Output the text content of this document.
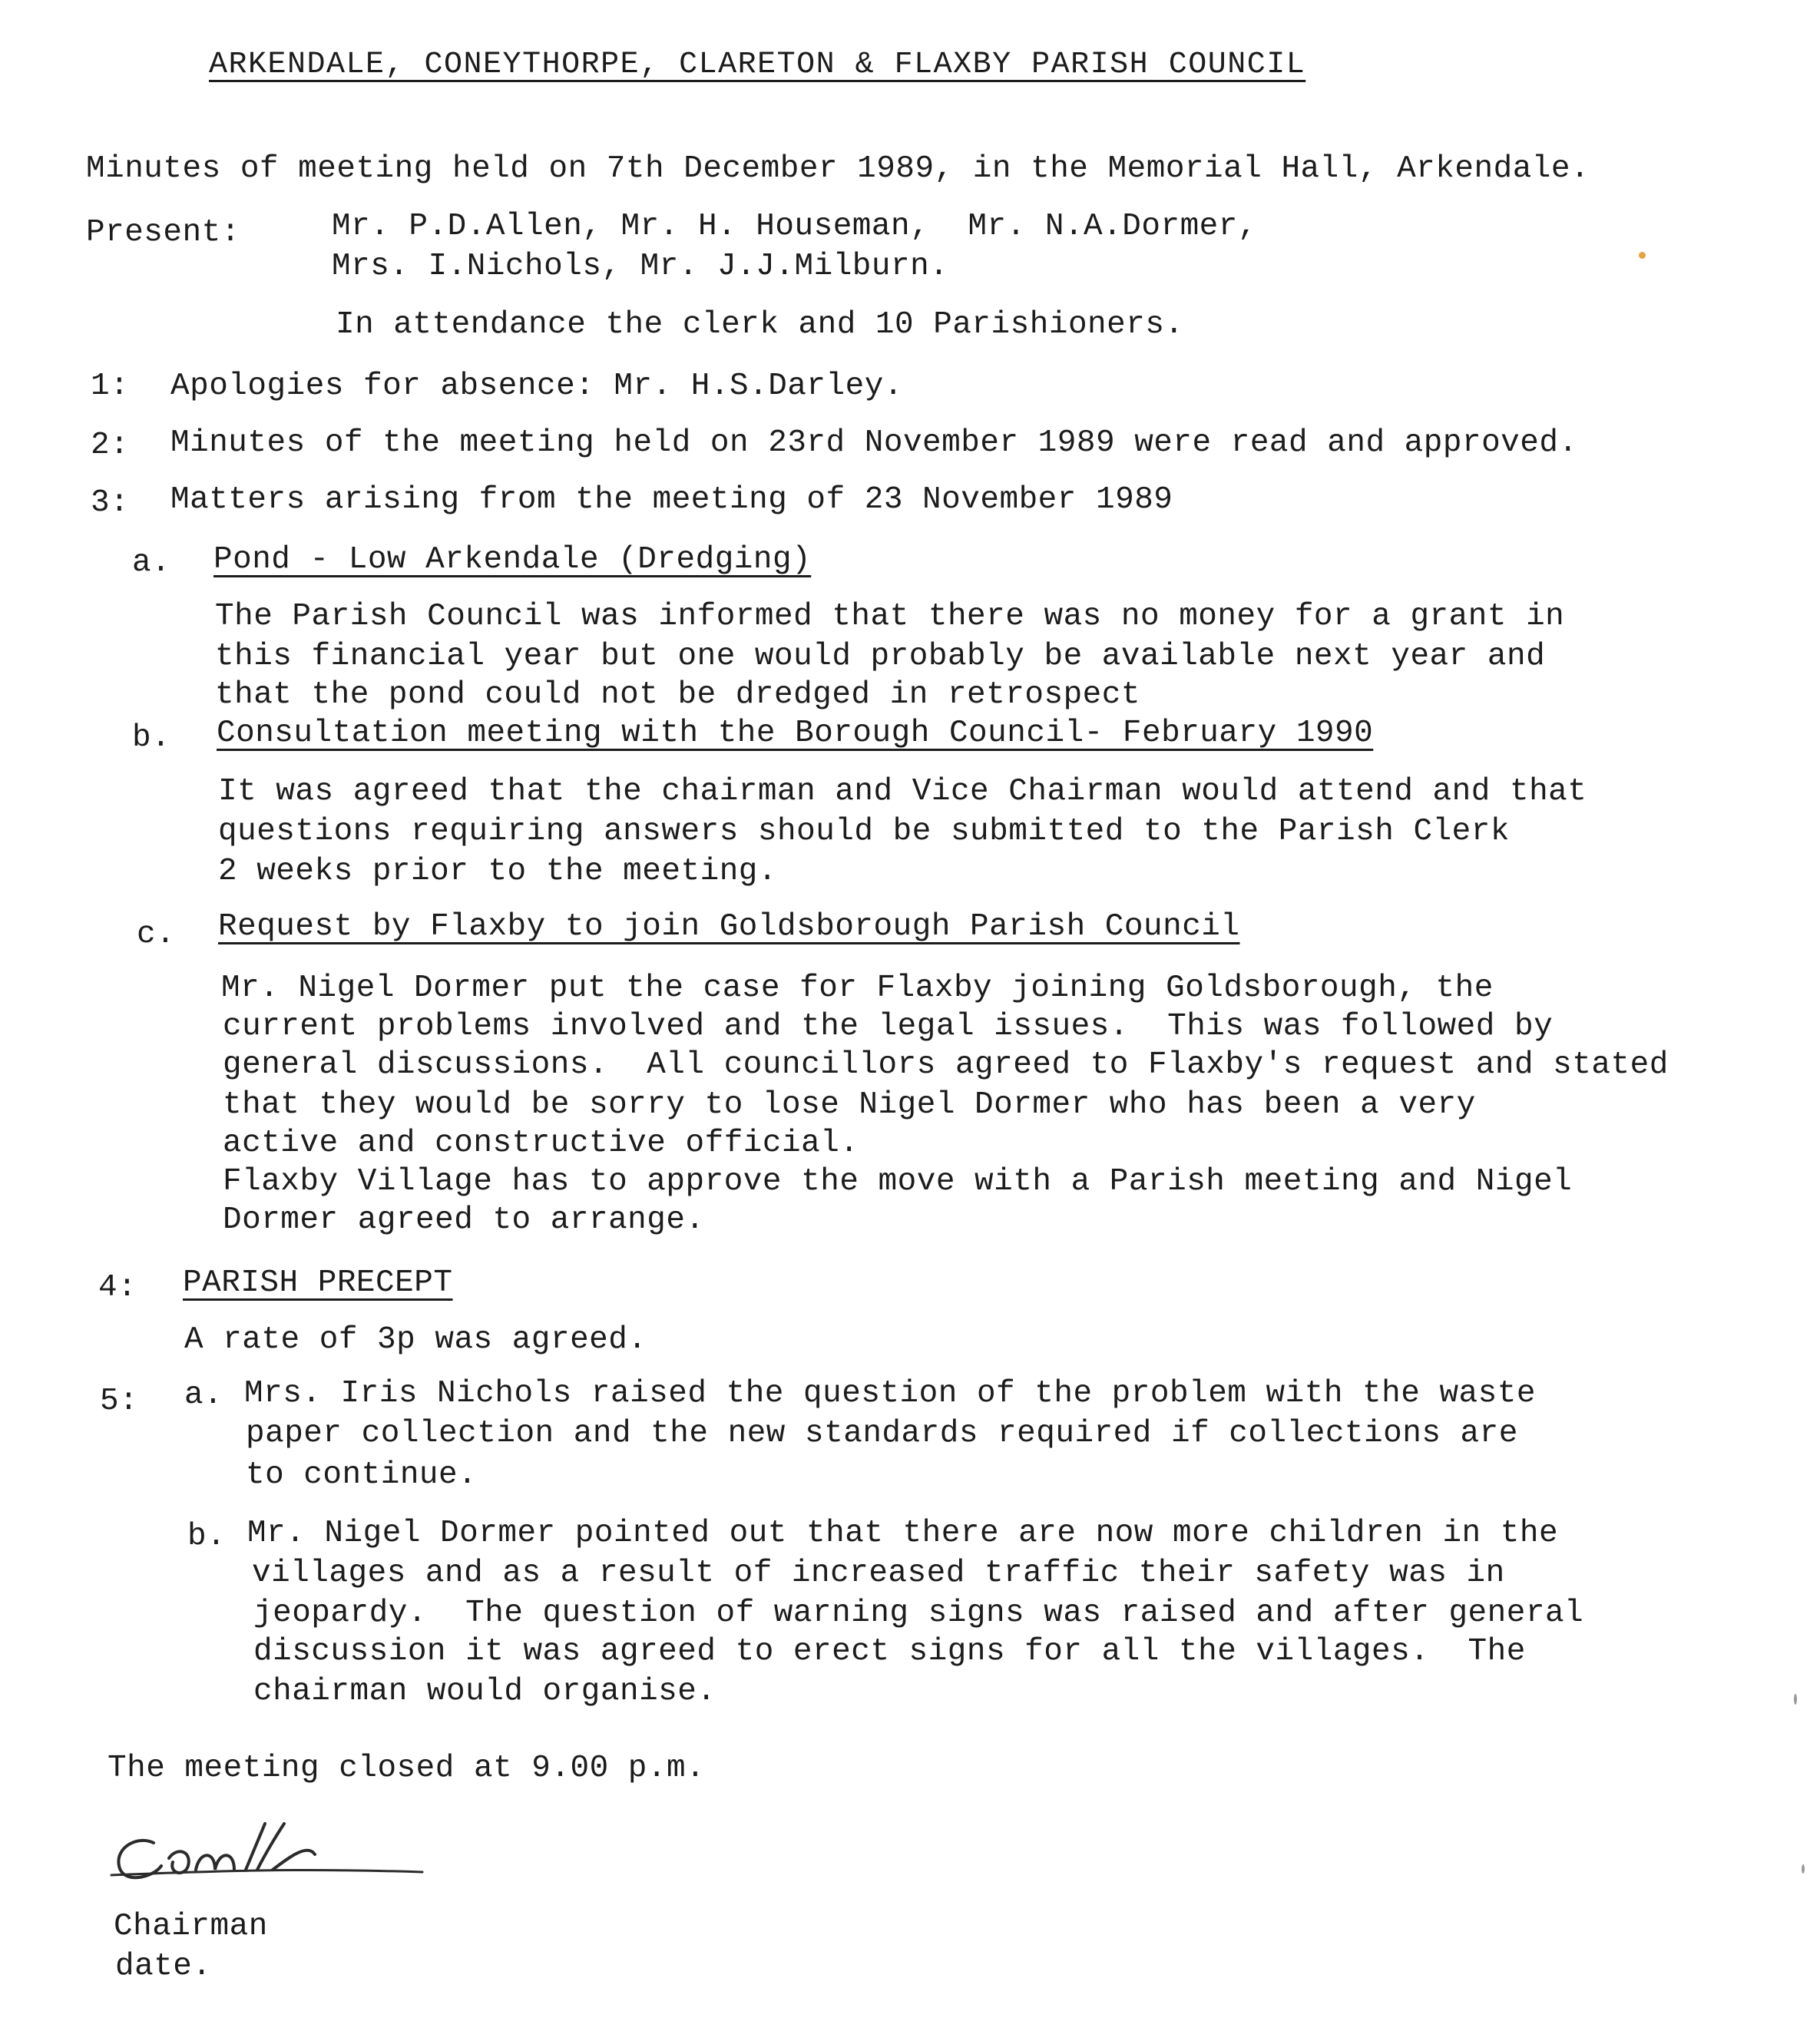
ARKENDALE, CONEYTHORPE, CLARETON & FLAXBY PARISH COUNCIL
Minutes of meeting held on 7th December 1989, in the Memorial Hall, Arkendale.
Present:	Mr. P.D.Allen, Mr. H. Houseman,  Mr. N.A.Dormer,
Mrs. I.Nichols, Mr. J.J.Milburn.
In attendance the clerk and 10 Parishioners.
1: Apologies for absence: Mr. H.S.Darley.
2: Minutes of the meeting held on 23rd November 1989 were read and approved.
3: Matters arising from the meeting of 23 November 1989
a. Pond - Low Arkendale (Dredging)
The Parish Council was informed that there was no money for a grant in
this financial year but one would probably be available next year and
that the pond could not be dredged in retrospect
b. Consultation meeting with the Borough Council- February 1990
It was agreed that the chairman and Vice Chairman would attend and that
questions requiring answers should be submitted to the Parish Clerk
2 weeks prior to the meeting.
c. Request by Flaxby to join Goldsborough Parish Council
Mr. Nigel Dormer put the case for Flaxby joining Goldsborough, the
current problems involved and the legal issues.  This was followed by
general discussions.  All councillors agreed to Flaxby's request and stated
that they would be sorry to lose Nigel Dormer who has been a very
active and constructive official.
Flaxby Village has to approve the move with a Parish meeting and Nigel
Dormer agreed to arrange.
4: PARISH PRECEPT
A rate of 3p was agreed.
5: a. Mrs. Iris Nichols raised the question of the problem with the waste
paper collection and the new standards required if collections are
to continue.
b. Mr. Nigel Dormer pointed out that there are now more children in the
villages and as a result of increased traffic their safety was in
jeopardy.  The question of warning signs was raised and after general
discussion it was agreed to erect signs for all the villages.  The
chairman would organise.
The meeting closed at 9.00 p.m.
Chairman
date.
